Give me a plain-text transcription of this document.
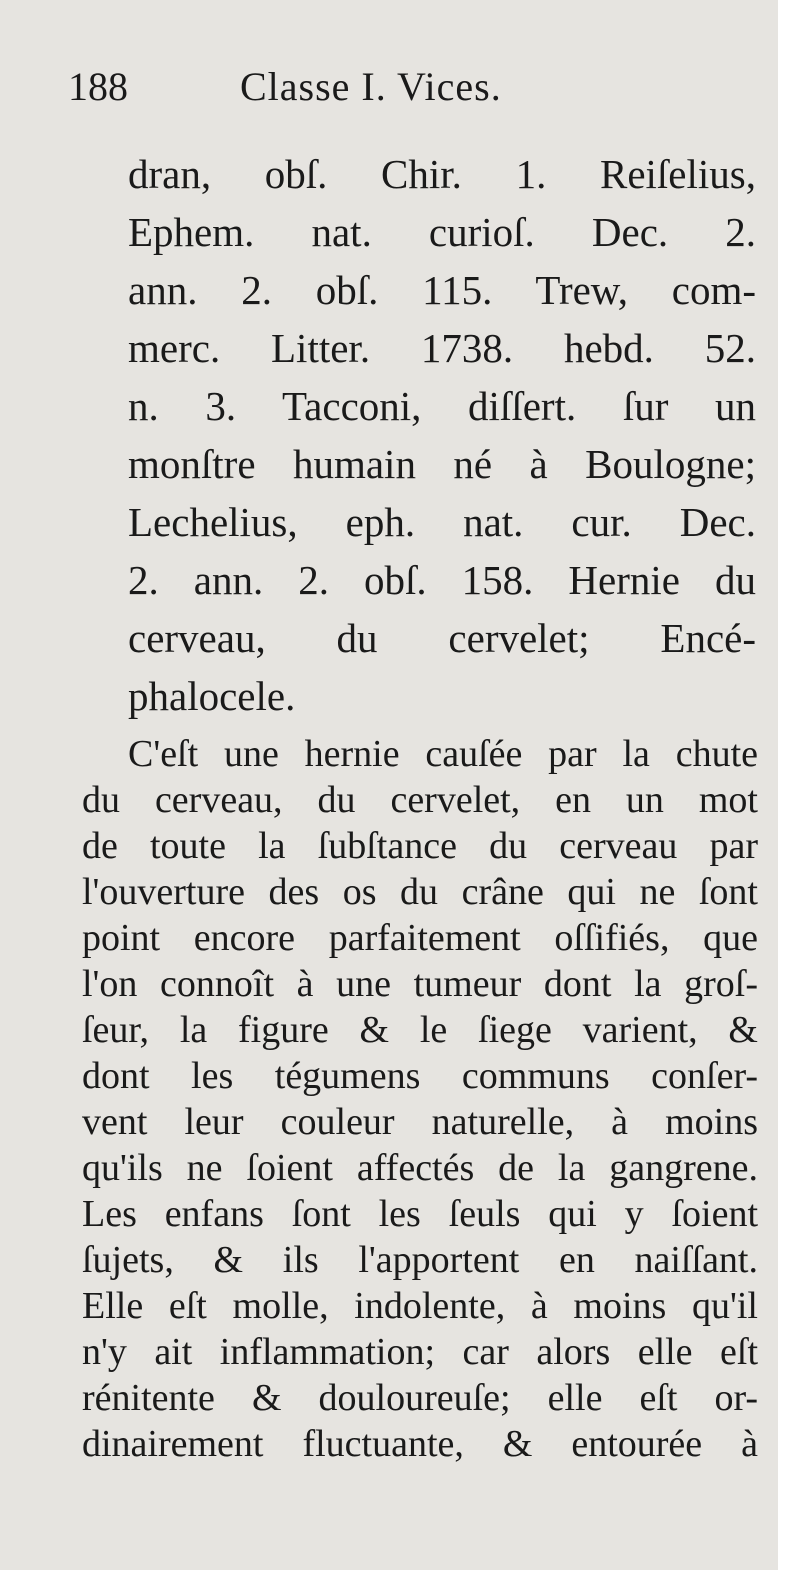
188	Classe I. Vices.
dran, obſ. Chir. 1. Reiſelius,
Ephem. nat. curioſ. Dec. 2.
ann. 2. obſ. 115. Trew, com-
merc. Litter. 1738. hebd. 52.
n. 3. Tacconi, diſſert. ſur un
monſtre humain né à Boulogne;
Lechelius, eph. nat. cur. Dec.
2. ann. 2. obſ. 158. Hernie du
cerveau, du cervelet; Encé-
phalocele.
C'eſt une hernie cauſée par la chute
du cerveau, du cervelet, en un mot
de toute la ſubſtance du cerveau par
l'ouverture des os du crâne qui ne ſont
point encore parfaitement oſſifiés, que
l'on connoît à une tumeur dont la groſ-
ſeur, la figure & le ſiege varient, &
dont les tégumens communs conſer-
vent leur couleur naturelle, à moins
qu'ils ne ſoient affectés de la gangrene.
Les enfans ſont les ſeuls qui y ſoient
ſujets, & ils l'apportent en naiſſant.
Elle eſt molle, indolente, à moins qu'il
n'y ait inflammation; car alors elle eſt
rénitente & douloureuſe; elle eſt or-
dinairement fluctuante, & entourée à
